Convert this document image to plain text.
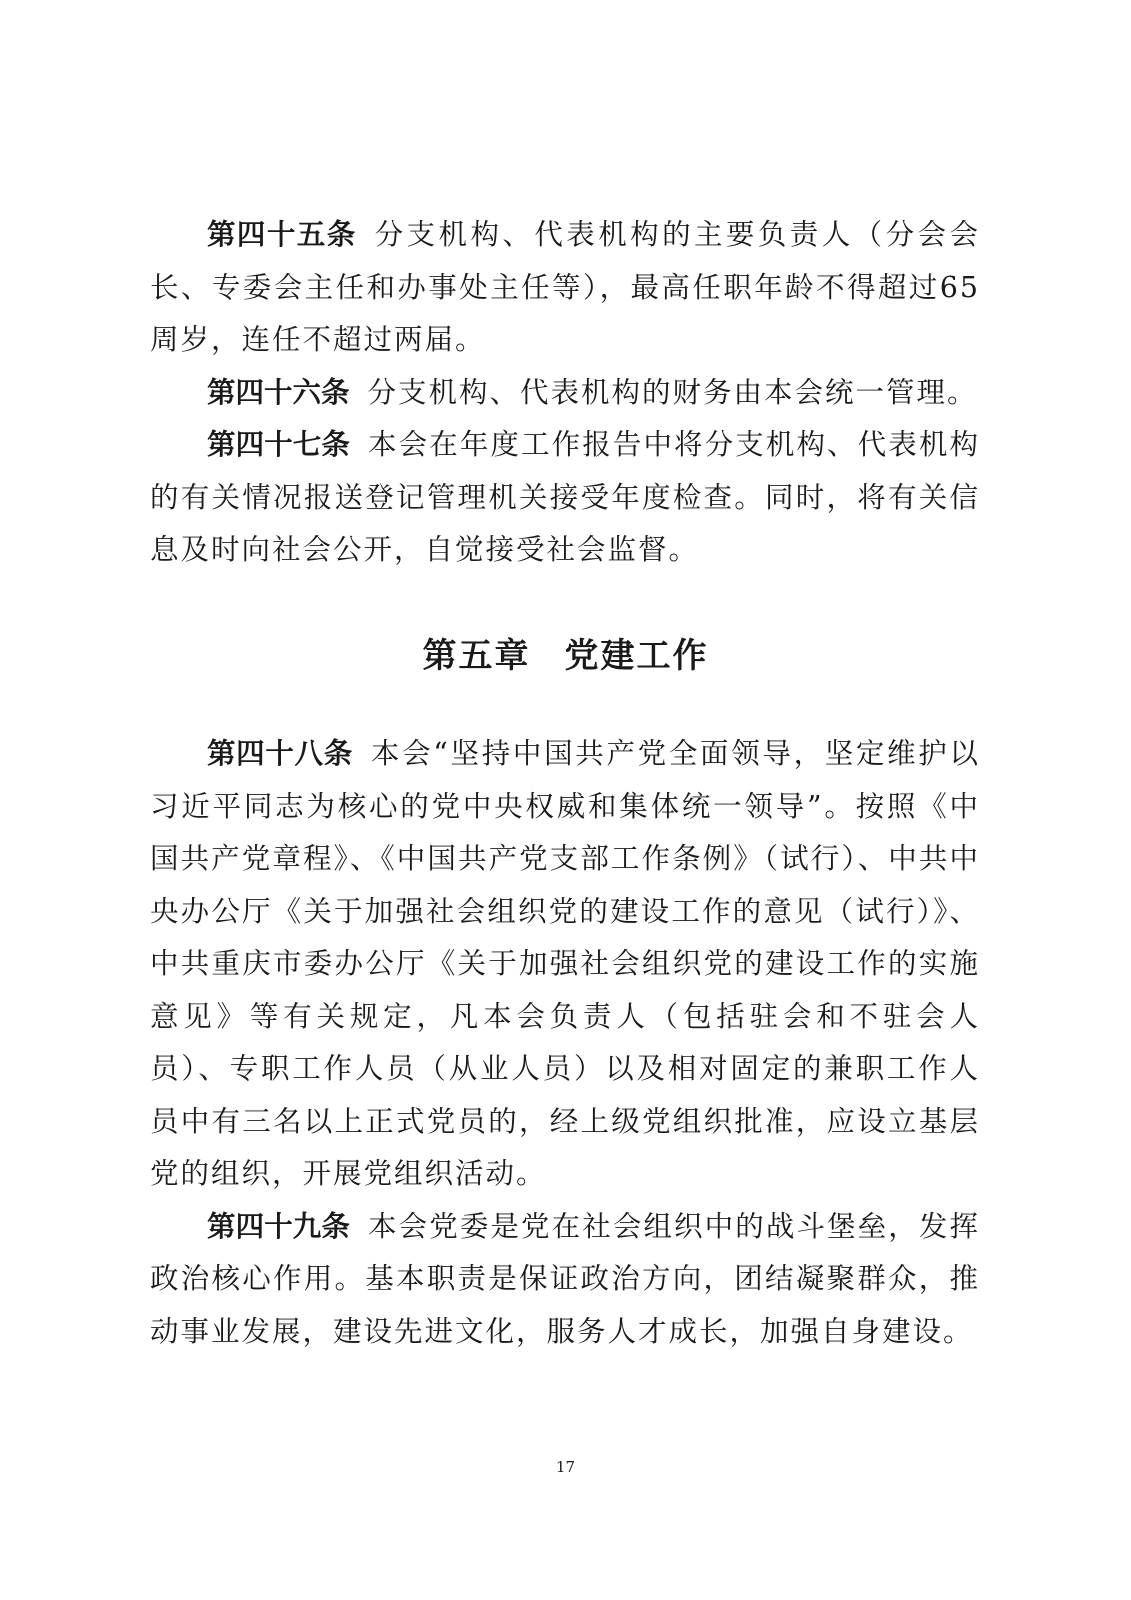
第四十五条 分支机构、代表机构的主要负责人（分会会长、专委会主任和办事处主任等），最高任职年龄不得超过65周岁，连任不超过两届。

第四十六条 分支机构、代表机构的财务由本会统一管理。

第四十七条 本会在年度工作报告中将分支机构、代表机构的有关情况报送登记管理机关接受年度检查。同时，将有关信息及时向社会公开，自觉接受社会监督。

第五章 党建工作

第四十八条 本会“坚持中国共产党全面领导，坚定维护以习近平同志为核心的党中央权威和集体统一领导”。按照《中国共产党章程》、《中国共产党支部工作条例》（试行）、中共中央办公厅《关于加强社会组织党的建设工作的意见（试行）》、中共重庆市委办公厅《关于加强社会组织党的建设工作的实施意见》等有关规定，凡本会负责人（包括驻会和不驻会人员）、专职工作人员（从业人员）以及相对固定的兼职工作人员中有三名以上正式党员的，经上级党组织批准，应设立基层党的组织，开展党组织活动。

第四十九条 本会党委是党在社会组织中的战斗堡垒，发挥政治核心作用。基本职责是保证政治方向，团结凝聚群众，推动事业发展，建设先进文化，服务人才成长，加强自身建设。

17
